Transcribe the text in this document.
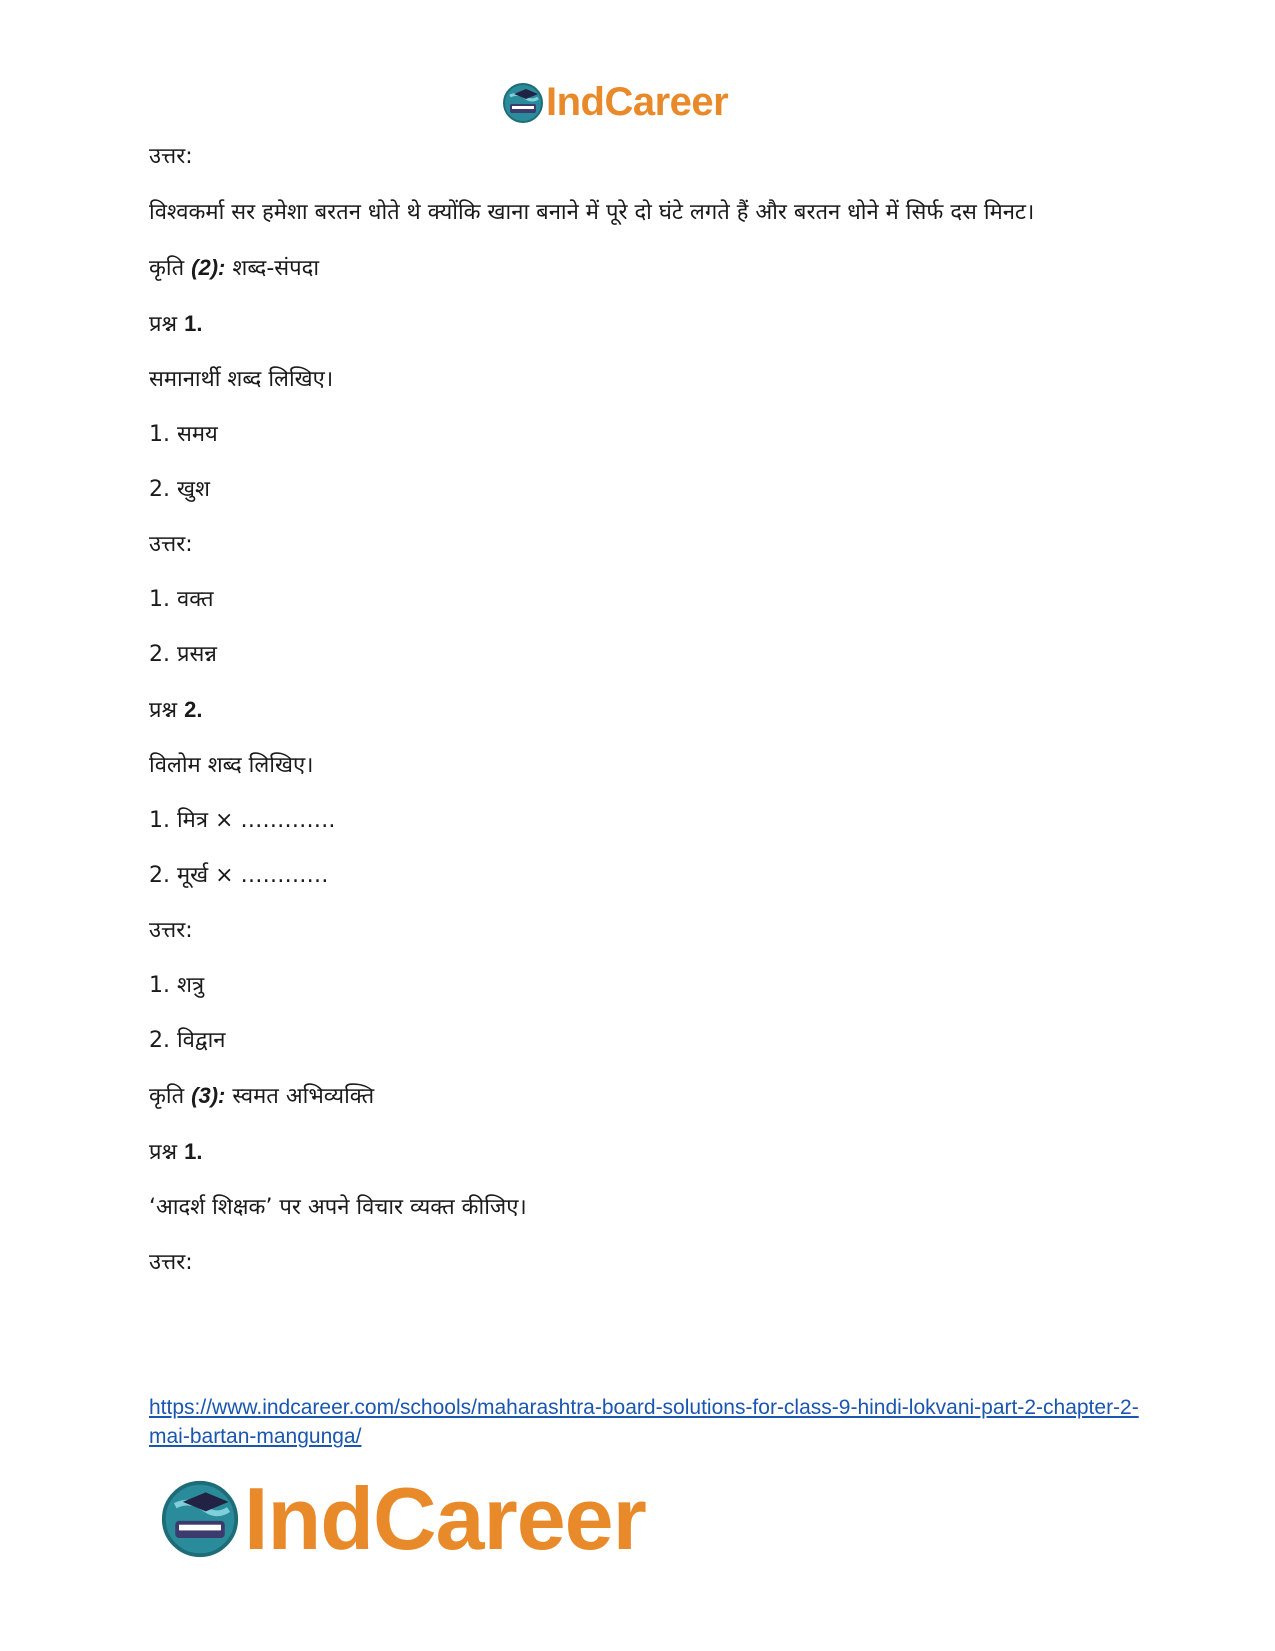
IndCareer

उत्तर:

विश्वकर्मा सर हमेशा बरतन धोते थे क्योंकि खाना बनाने में पूरे दो घंटे लगते हैं और बरतन धोने में सिर्फ दस मिनट।

कृति (2): शब्द-संपदा

प्रश्न 1.

समानार्थी शब्द लिखिए।

1. समय

2. खुश

उत्तर:

1. वक्त

2. प्रसन्न

प्रश्न 2.

विलोम शब्द लिखिए।

1. मित्र × ………….

2. मूर्ख × …………

उत्तर:

1. शत्रु

2. विद्वान

कृति (3): स्वमत अभिव्यक्ति

प्रश्न 1.

‘आदर्श शिक्षक’ पर अपने विचार व्यक्त कीजिए।

उत्तर:

https://www.indcareer.com/schools/maharashtra-board-solutions-for-class-9-hindi-lokvani-part-2-chapter-2-mai-bartan-mangunga/
IndCareer
